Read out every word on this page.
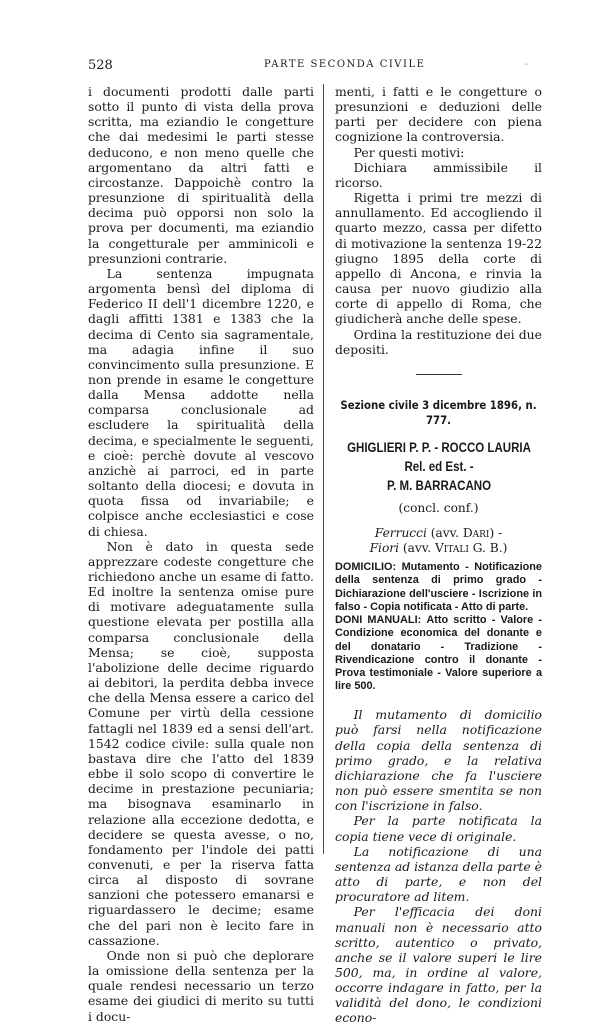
528	PARTE SECONDA CIVILE	-

i documenti prodotti dalle parti sotto il punto di vista della prova scritta, ma eziandio le congetture che dai medesimi le parti stesse deducono, e non meno quelle che argomentano da altri fatti e circostanze. Dappoichè contro la presunzione di spiritualità della decima può opporsi non solo la prova per documenti, ma eziandio la congetturale per amminicoli e presunzioni contrarie.

La sentenza impugnata argomenta bensì del diploma di Federico II dell'1 dicembre 1220, e dagli affitti 1381 e 1383 che la decima di Cento sia sagramentale, ma adagia infine il suo convincimento sulla presunzione. E non prende in esame le congetture dalla Mensa addotte nella comparsa conclusionale ad escludere la spiritualità della decima, e specialmente le seguenti, e cioè: perchè dovute al vescovo anzichè ai parroci, ed in parte soltanto della diocesi; e dovuta in quota fissa od invariabile; e colpisce anche ecclesiastici e cose di chiesa.

Non è dato in questa sede apprezzare codeste congetture che richiedono anche un esame di fatto. Ed inoltre la sentenza omise pure di motivare adeguatamente sulla questione elevata per postilla alla comparsa conclusionale della Mensa; se cioè, supposta l'abolizione delle decime riguardo ai debitori, la perdita debba invece che della Mensa essere a carico del Comune per virtù della cessione fattagli nel 1839 ed a sensi dell'art. 1542 codice civile: sulla quale non bastava dire che l'atto del 1839 ebbe il solo scopo di convertire le decime in prestazione pecuniaria; ma bisognava esaminarlo in relazione alla eccezione dedotta, e decidere se questa avesse, o no, fondamento per l'indole dei patti convenuti, e per la riserva fatta circa al disposto di sovrane sanzioni che potessero emanarsi e riguardassero le decime; esame che del pari non è lecito fare in cassazione.

Onde non si può che deplorare la omissione della sentenza per la quale rendesi necessario un terzo esame dei giudici di merito su tutti i docu-

menti, i fatti e le congetture o presunzioni e deduzioni delle parti per decidere con piena cognizione la controversia.

Per questi motivi:

Dichiara ammissibile il ricorso.

Rigetta i primi tre mezzi di annullamento. Ed accogliendo il quarto mezzo, cassa per difetto di motivazione la sentenza 19-22 giugno 1895 della corte di appello di Ancona, e rinvia la causa per nuovo giudizio alla corte di appello di Roma, che giudicherà anche delle spese.

Ordina la restituzione dei due depositi.

Sezione civile 3 dicembre 1896, n. 777.
GHIGLIERI P. P. - ROCCO LAURIA Rel. ed Est. -
P. M. BARRACANO
(concl. conf.)
Ferrucci (avv. Dari) -
Fiori (avv. Vitali G. B.)
DOMICILIO: Mutamento - Notificazione della sentenza di primo grado - Dichiarazione dell'usciere - Iscrizione in falso - Copia notificata - Atto di parte.
DONI MANUALI: Atto scritto - Valore - Condizione economica del donante e del donatario - Tradizione - Rivendicazione contro il donante - Prova testimoniale - Valore superiore a lire 500.

Il mutamento di domicilio può farsi nella notificazione della copia della sentenza di primo grado, e la relativa dichiarazione che fa l'usciere non può essere smentita se non con l'iscrizione in falso.

Per la parte notificata la copia tiene vece di originale.

La notificazione di una sentenza ad istanza della parte è atto di parte, e non del procuratore ad litem.

Per l'efficacia dei doni manuali non è necessario atto scritto, autentico o privato, anche se il valore superi le lire 500, ma, in ordine al valore, occorre indagare in fatto, per la validità del dono, le condizioni econo-
